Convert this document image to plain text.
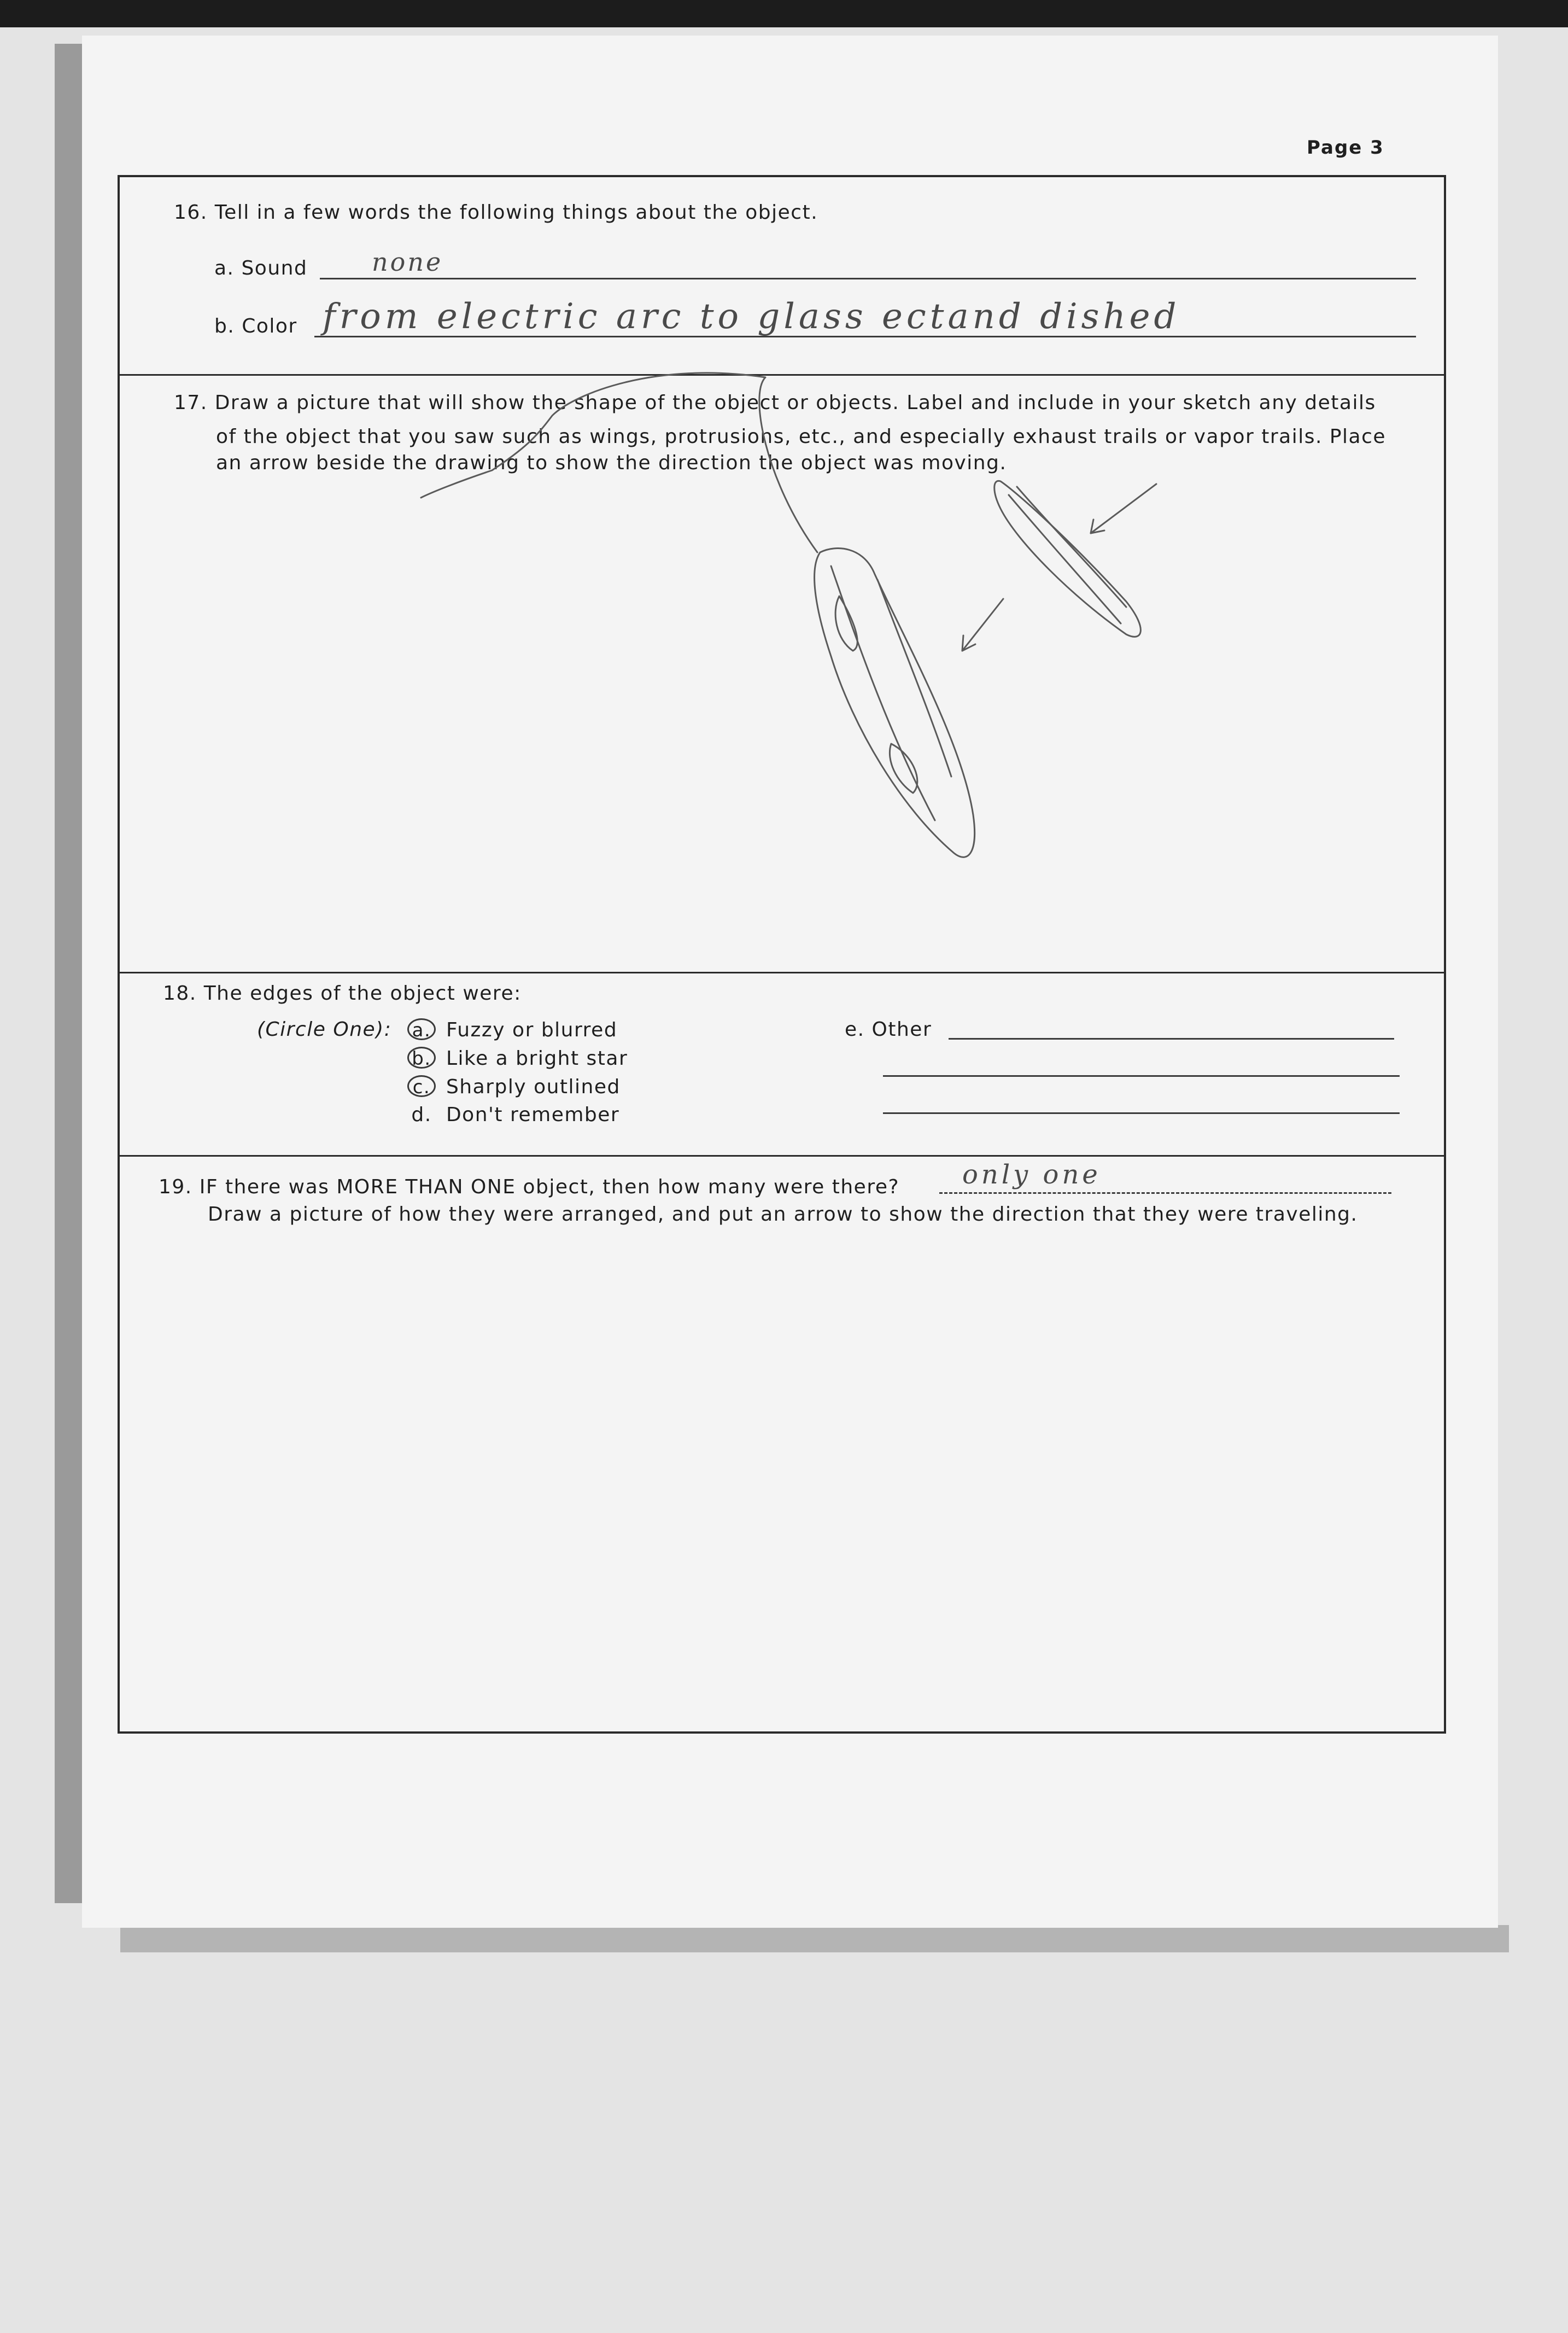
Page 3
16. Tell in a few words the following things about the object.
a. Sound	none
b. Color from electric arc to glass ectand dished
17. Draw a picture that will show the shape of the object or objects. Label and include in your sketch any details
of the object that you saw such as wings, protrusions, etc., and especially exhaust trails or vapor trails. Place
an arrow beside the drawing to show the direction the object was moving.
18. The edges of the object were:
(Circle One): a. Fuzzy or blurred
b. Like a bright star
c. Sharply outlined
d. Don't remember
e. Other
19. IF there was MORE THAN ONE object, then how many were there? only one
Draw a picture of how they were arranged, and put an arrow to show the direction that they were traveling.
